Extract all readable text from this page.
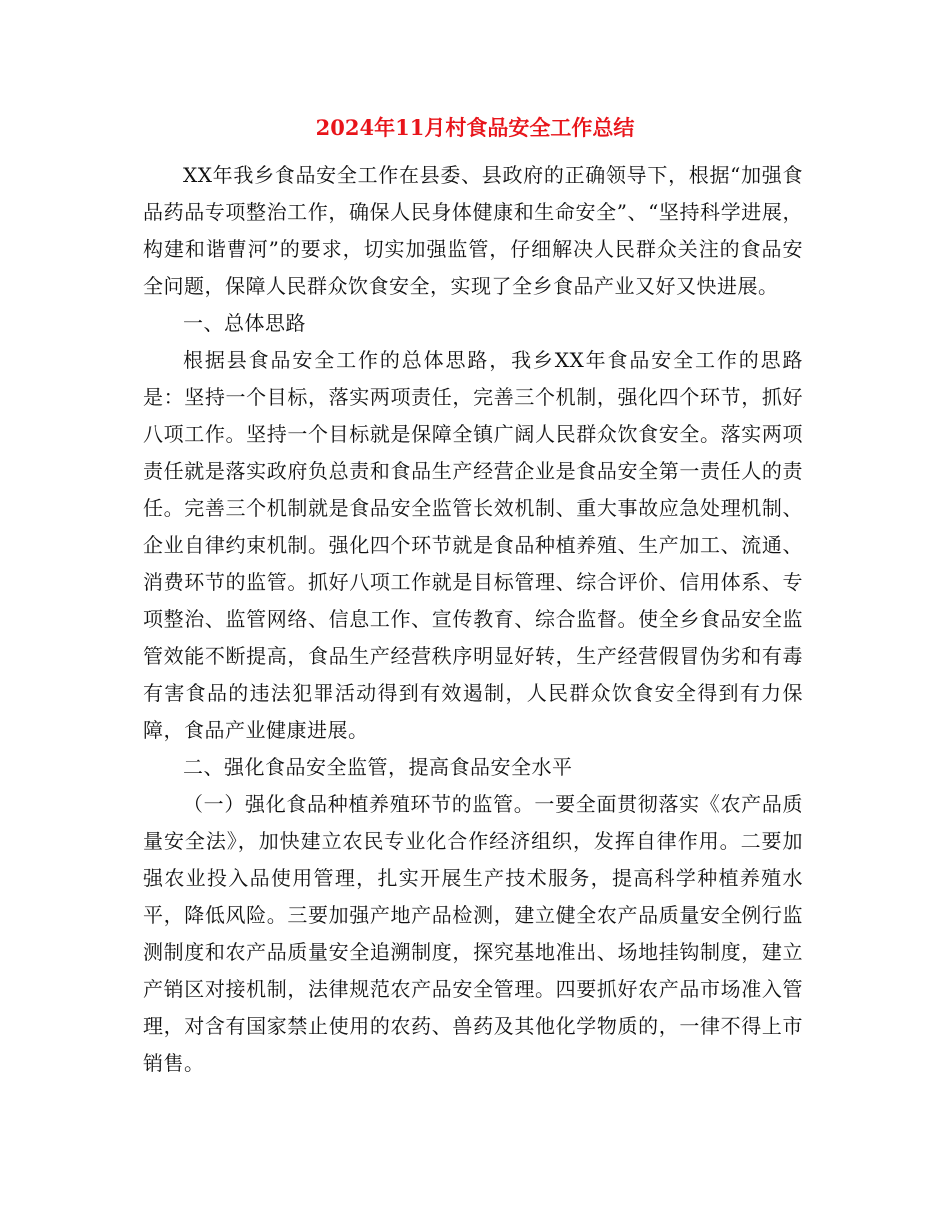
2024年11月村食品安全工作总结

XX年我乡食品安全工作在县委、县政府的正确领导下，根据“加强食品药品专项整治工作，确保人民身体健康和生命安全”、“坚持科学进展，构建和谐曹河”的要求，切实加强监管，仔细解决人民群众关注的食品安全问题，保障人民群众饮食安全，实现了全乡食品产业又好又快进展。

一、总体思路

根据县食品安全工作的总体思路，我乡XX年食品安全工作的思路是：坚持一个目标，落实两项责任，完善三个机制，强化四个环节，抓好八项工作。坚持一个目标就是保障全镇广阔人民群众饮食安全。落实两项责任就是落实政府负总责和食品生产经营企业是食品安全第一责任人的责任。完善三个机制就是食品安全监管长效机制、重大事故应急处理机制、企业自律约束机制。强化四个环节就是食品种植养殖、生产加工、流通、消费环节的监管。抓好八项工作就是目标管理、综合评价、信用体系、专项整治、监管网络、信息工作、宣传教育、综合监督。使全乡食品安全监管效能不断提高，食品生产经营秩序明显好转，生产经营假冒伪劣和有毒有害食品的违法犯罪活动得到有效遏制，人民群众饮食安全得到有力保障，食品产业健康进展。

二、强化食品安全监管，提高食品安全水平

（一）强化食品种植养殖环节的监管。一要全面贯彻落实《农产品质量安全法》，加快建立农民专业化合作经济组织，发挥自律作用。二要加强农业投入品使用管理，扎实开展生产技术服务，提高科学种植养殖水平，降低风险。三要加强产地产品检测，建立健全农产品质量安全例行监测制度和农产品质量安全追溯制度，探究基地准出、场地挂钩制度，建立产销区对接机制，法律规范农产品安全管理。四要抓好农产品市场准入管理，对含有国家禁止使用的农药、兽药及其他化学物质的，一律不得上市销售。
